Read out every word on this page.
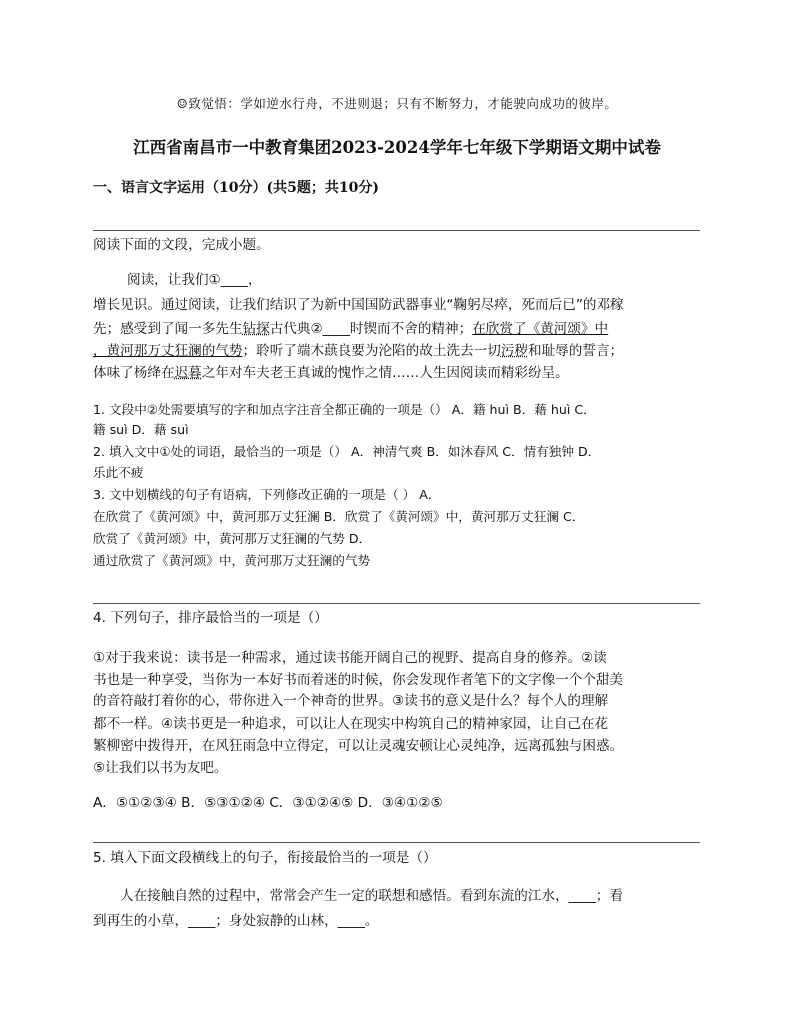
☺致觉悟：学如逆水行舟，不进则退；只有不断努力，才能驶向成功的彼岸。
江西省南昌市一中教育集团2023-2024学年七年级下学期语文期中试卷
一、语言文字运用（10分）(共5题；共10分)
阅读下面的文段，完成小题。
阅读，让我们①____，
增长见识。通过阅读，让我们结识了为新中国国防武器事业“鞠躬尽瘁，死而后已”的邓稼
先；感受到了闻一多先生钻探古代典②____时锲而不舍的精神；在欣赏了《黄河颂》中
，黄河那万丈狂澜的气势；聆听了端木蕻良要为沦陷的故土洗去一切污秽和耻辱的誓言；
体味了杨绛在迟暮之年对车夫老王真诚的愧怍之情……人生因阅读而精彩纷呈。
1. 文段中②处需要填写的字和加点字注音全都正确的一项是（） A．籍 huì B．藉 huì C．
籍 suì D．藉 suì
2. 填入文中①处的词语，最恰当的一项是（） A．神清气爽 B．如沐春风 C．情有独钟 D．
乐此不疲
3. 文中划横线的句子有语病，下列修改正确的一项是（ ） A．
在欣赏了《黄河颂》中，黄河那万丈狂澜 B．欣赏了《黄河颂》中，黄河那万丈狂澜 C．
欣赏了《黄河颂》中，黄河那万丈狂澜的气势 D．
通过欣赏了《黄河颂》中，黄河那万丈狂澜的气势
4. 下列句子，排序最恰当的一项是（）
①对于我来说：读书是一种需求，通过读书能开阔自己的视野、提高自身的修养。②读
书也是一种享受，当你为一本好书而着迷的时候，你会发现作者笔下的文字像一个个甜美
的音符敲打着你的心，带你进入一个神奇的世界。③读书的意义是什么？每个人的理解
都不一样。④读书更是一种追求，可以让人在现实中构筑自己的精神家园，让自己在花
繁柳密中拨得开，在风狂雨急中立得定，可以让灵魂安顿让心灵纯净，远离孤独与困惑。
⑤让我们以书为友吧。
A．⑤①②③④ B．⑤③①②④ C．③①②④⑤ D．③④①②⑤
5. 填入下面文段横线上的句子，衔接最恰当的一项是（）
人在接触自然的过程中，常常会产生一定的联想和感悟。看到东流的江水，____；看
到再生的小草，____；身处寂静的山林，____。
